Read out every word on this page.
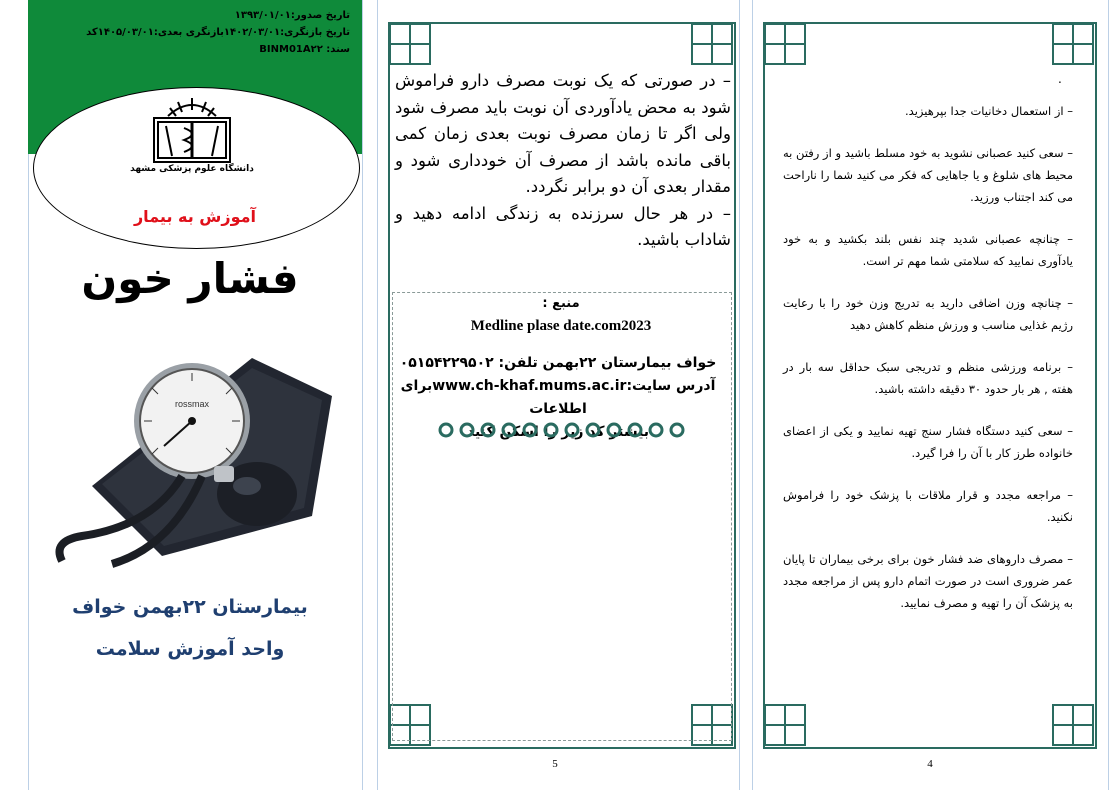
تاریخ صدور:۱۳۹۳/۰۱/۰۱
تاریخ بازنگری:۱۴۰۲/۰۳/۰۱بازنگری بعدی:۱۴۰۵/۰۳/۰۱کد
سند: BINM01A۲۲
دانشگاه علوم پزشکی مشهد
آموزش به بیمار
فشار خون
rossmax
بیمارستان ۲۲بهمن خواف
واحد آموزش سلامت
– در صورتی که یک نوبت مصرف دارو فراموش شود به محض یادآوردی آن نوبت باید مصرف شود ولی اگر تا زمان مصرف نوبت بعدی زمان کمی باقی مانده باشد از مصرف آن خودداری شود و مقدار بعدی آن دو برابر نگردد.
– در هر حال سرزنده به زندگی ادامه دهید و شاداب باشید.
منبع :
Medline plase date.com2023
خواف بیمارستان ۲۲بهمن تلفن: ۰۵۱۵۴۲۲۹۵۰۲
آدرس سایت:www.ch-khaf.mums.ac.irبرای اطلاعات
بیشتر کد زیر را اسکن کنید
5
.

– از استعمال دخانیات جدا بپرهیزید.

– سعی کنید عصبانی نشوید به خود مسلط باشید و از رفتن به محیط های شلوغ و یا جاهایی که فکر می کنید شما را ناراحت می کند اجتناب ورزید.

– چنانچه عصبانی شدید چند نفس بلند بکشید و به خود یادآوری نمایید که سلامتی شما مهم تر است.

– چنانچه وزن اضافی دارید به تدریج وزن خود را با رعایت رژیم غذایی مناسب و ورزش منظم کاهش دهید

– برنامه ورزشی منظم و تدریجی سبک حداقل سه بار در هفته , هر بار حدود ۳۰ دقیقه داشته باشید.

– سعی کنید دستگاه فشار سنج تهیه نمایید و یکی از اعضای خانواده طرز کار با آن را فرا گیرد.

– مراجعه مجدد و قرار ملاقات با پزشک خود را فراموش نکنید.

– مصرف داروهای ضد فشار خون برای برخی بیماران تا پایان عمر ضروری است در صورت اتمام دارو پس از مراجعه مجدد به پزشک آن را تهیه و مصرف نمایید.

4
